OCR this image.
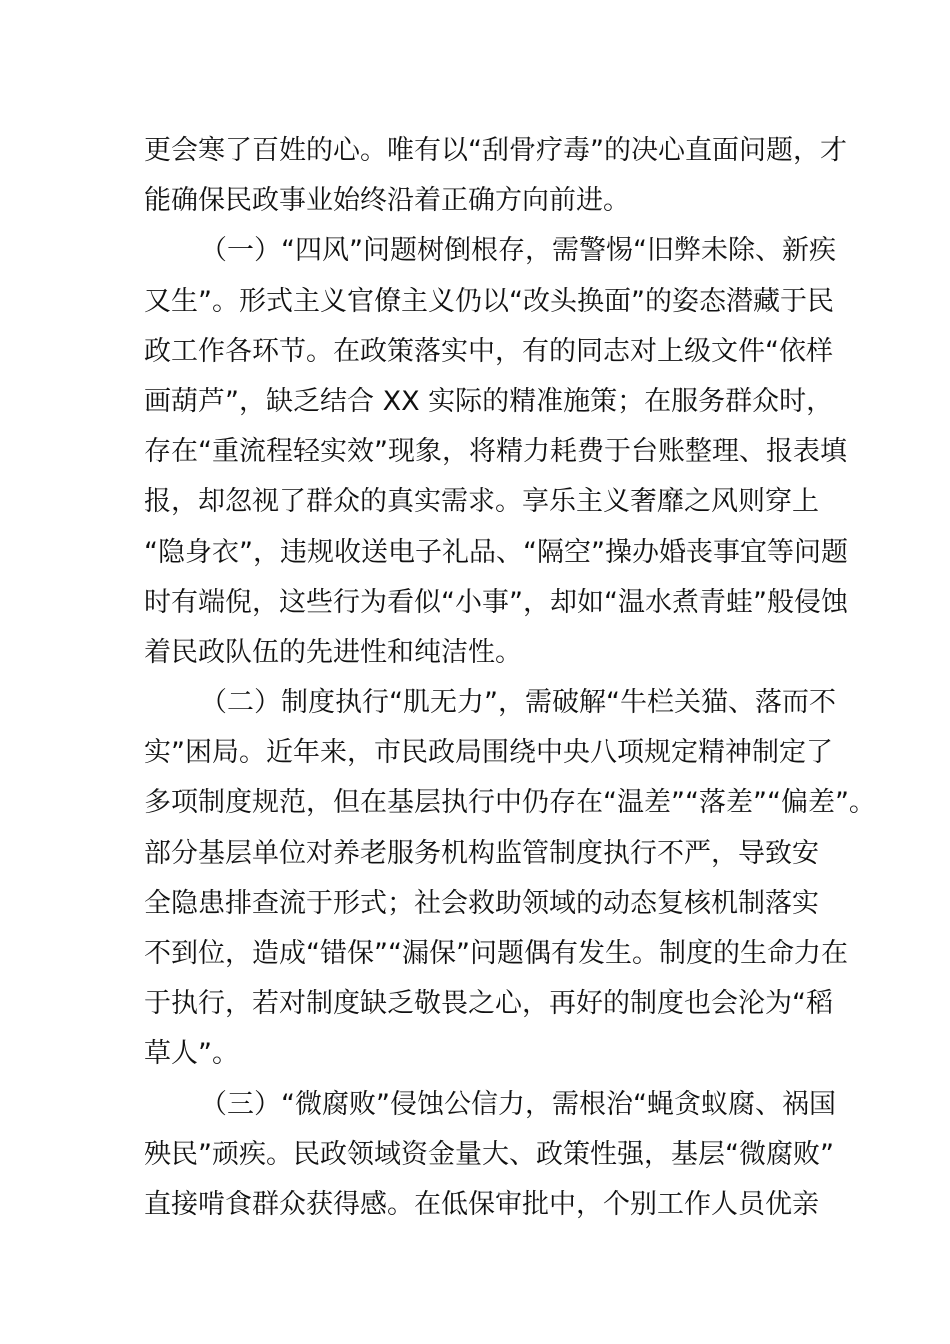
更会寒了百姓的心。唯有以“刮骨疗毒”的决心直面问题，才
能确保民政事业始终沿着正确方向前进。
（一）“四风”问题树倒根存，需警惕“旧弊未除、新疾
又生”。形式主义官僚主义仍以“改头换面”的姿态潜藏于民
政工作各环节。在政策落实中，有的同志对上级文件“依样
画葫芦”，缺乏结合 XX 实际的精准施策；在服务群众时，
存在“重流程轻实效”现象，将精力耗费于台账整理、报表填
报，却忽视了群众的真实需求。享乐主义奢靡之风则穿上
“隐身衣”，违规收送电子礼品、“隔空”操办婚丧事宜等问题
时有端倪，这些行为看似“小事”，却如“温水煮青蛙”般侵蚀
着民政队伍的先进性和纯洁性。
（二）制度执行“肌无力”，需破解“牛栏关猫、落而不
实”困局。近年来，市民政局围绕中央八项规定精神制定了
多项制度规范，但在基层执行中仍存在“温差”“落差”“偏差”。
部分基层单位对养老服务机构监管制度执行不严，导致安
全隐患排查流于形式；社会救助领域的动态复核机制落实
不到位，造成“错保”“漏保”问题偶有发生。制度的生命力在
于执行，若对制度缺乏敬畏之心，再好的制度也会沦为“稻
草人”。
（三）“微腐败”侵蚀公信力，需根治“蝇贪蚁腐、祸国
殃民”顽疾。民政领域资金量大、政策性强，基层“微腐败”
直接啃食群众获得感。在低保审批中，个别工作人员优亲
